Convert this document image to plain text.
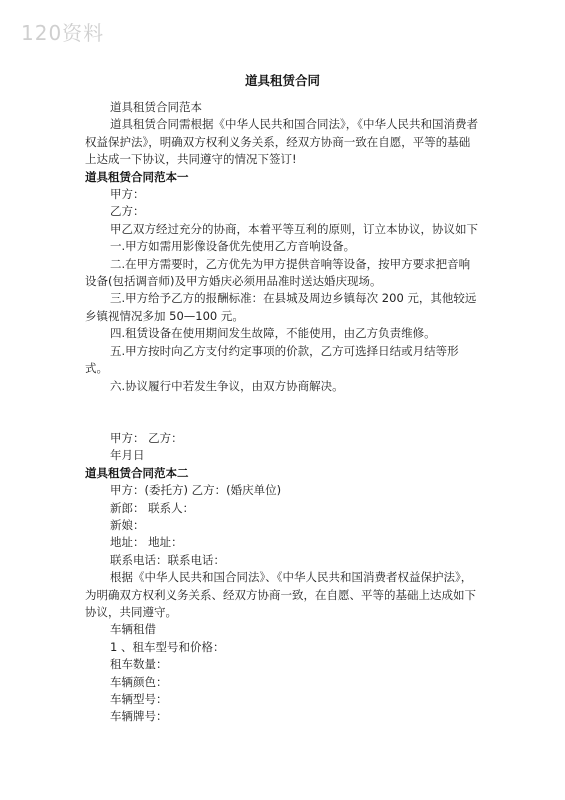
120资料
道具租赁合同

道具租赁合同范本

道具租赁合同需根据《中华人民共和国合同法》，《中华人民共和国消费者权益保护法》，明确双方权利义务关系，经双方协商一致在自愿，平等的基础上达成一下协议，共同遵守的情况下签订!

道具租赁合同范本一

甲方：

乙方：

甲乙双方经过充分的协商，本着平等互利的原则，订立本协议，协议如下

一.甲方如需用影像设备优先使用乙方音响设备。

二.在甲方需要时，乙方优先为甲方提供音响等设备，按甲方要求把音响设备(包括调音师)及甲方婚庆必须用品准时送达婚庆现场。

三.甲方给予乙方的报酬标准：在县城及周边乡镇每次 200 元，其他较远乡镇视情况多加 50—100 元。

四.租赁设备在使用期间发生故障，不能使用，由乙方负责维修。

五.甲方按时向乙方支付约定事项的价款，乙方可选择日结或月结等形式。

六.协议履行中若发生争议，由双方协商解决。

甲方： 乙方：

年月日

道具租赁合同范本二

甲方：(委托方) 乙方：(婚庆单位)

新郎： 联系人：

新娘：

地址： 地址：

联系电话：联系电话：

根据《中华人民共和国合同法》、《中华人民共和国消费者权益保护法》，为明确双方权利义务关系、经双方协商一致，在自愿、平等的基础上达成如下协议，共同遵守。

车辆租借

1 、租车型号和价格：

租车数量：

车辆颜色：

车辆型号：

车辆牌号：
